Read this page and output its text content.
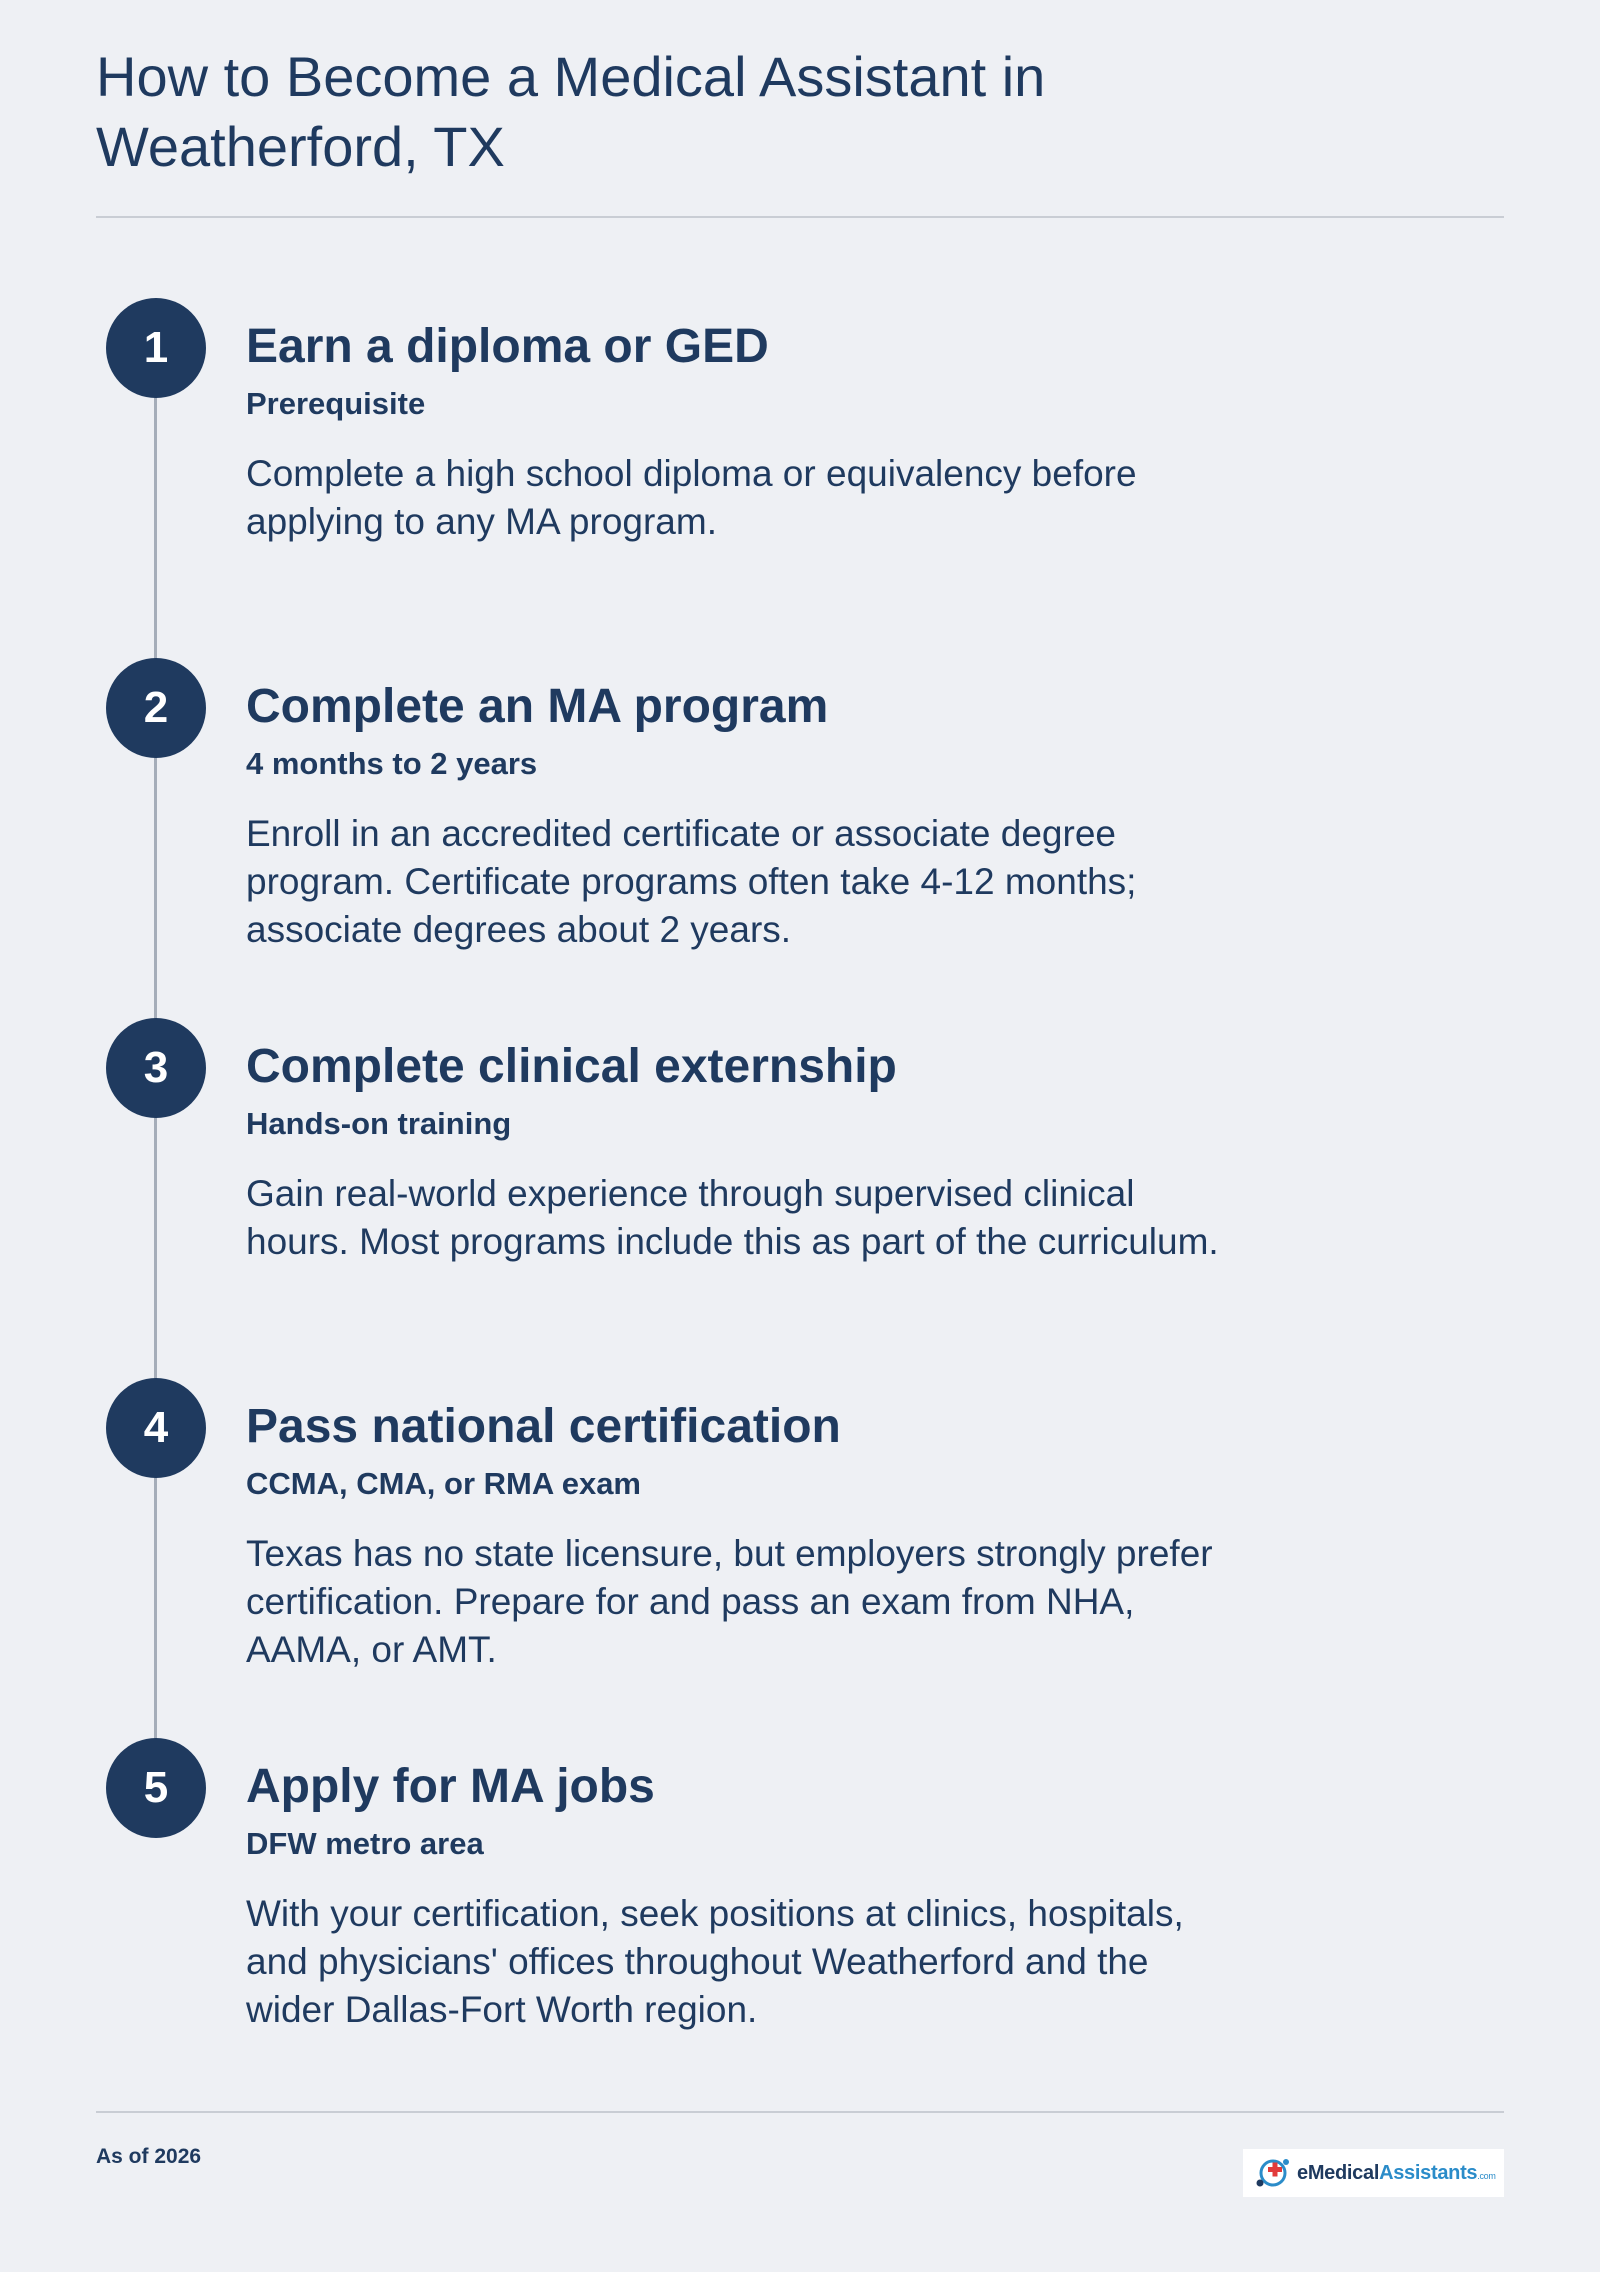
How to Become a Medical Assistant in
Weatherford, TX
1	Earn a diploma or GED
Prerequisite

Complete a high school diploma or equivalency before applying to any MA program.

2	Complete an MA program
4 months to 2 years

Enroll in an accredited certificate or associate degree program. Certificate programs often take 4-12 months; associate degrees about 2 years.

3	Complete clinical externship
Hands-on training

Gain real-world experience through supervised clinical hours. Most programs include this as part of the curriculum.

4	Pass national certification
CCMA, CMA, or RMA exam

Texas has no state licensure, but employers strongly prefer certification. Prepare for and pass an exam from NHA, AAMA, or AMT.

5	Apply for MA jobs
DFW metro area

With your certification, seek positions at clinics, hospitals, and physicians' offices throughout Weatherford and the wider Dallas-Fort Worth region.

As of 2026
eMedicalAssistants.com
